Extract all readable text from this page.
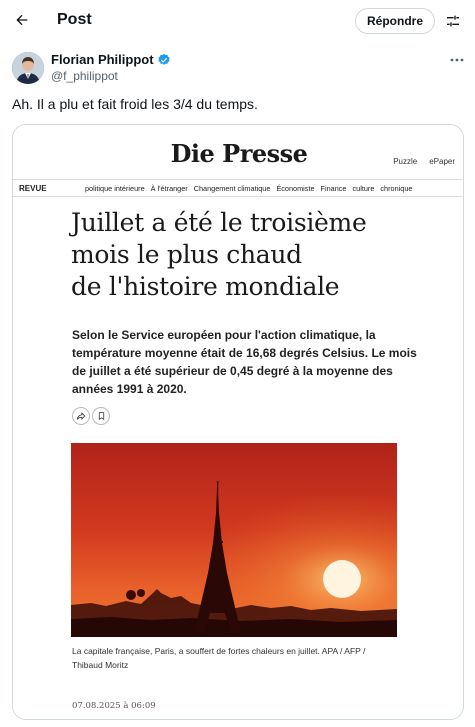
Post	Répondre
Florian Philippot
@f_philippot
Ah. Il a plu et fait froid les 3/4 du temps.
Die Presse	Puzzle ePaper
REVUE	politique intérieure À l'étranger Changement climatique Économiste Finance culture chronique
Juillet a été le troisième
mois le plus chaud
de l'histoire mondiale
Selon le Service européen pour l'action climatique, la température moyenne était de 16,68 degrés Celsius. Le mois de juillet a été supérieur de 0,45 degré à la moyenne des années 1991 à 2020.
La capitale française, Paris, a souffert de fortes chaleurs en juillet. APA / AFP / Thibaud Moritz
07.08.2025 à 06:09
